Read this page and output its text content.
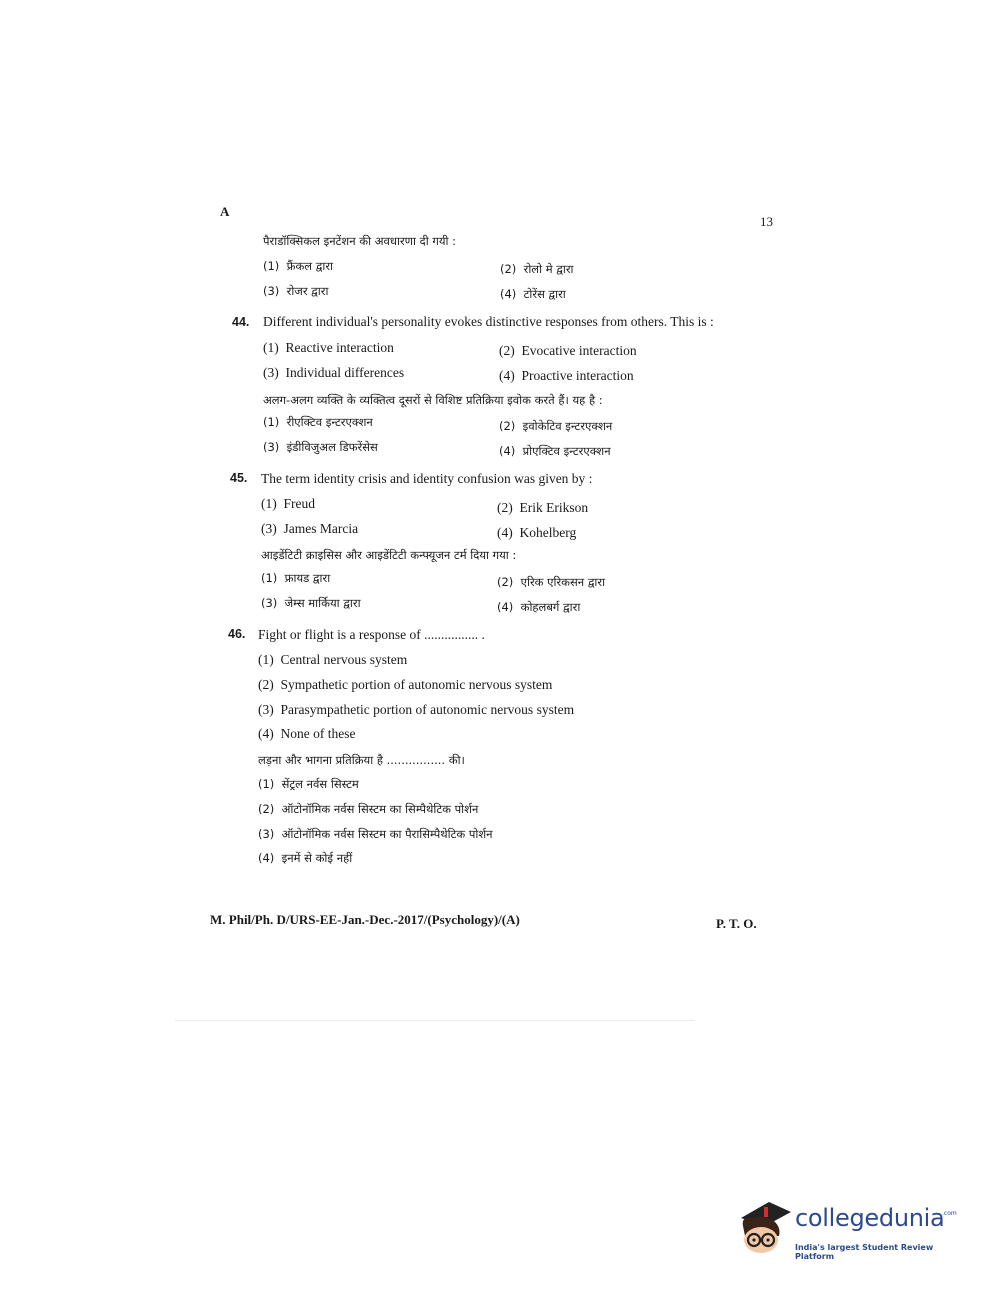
A
13
पैराडॉक्सिकल इनटेंशन की अवधारणा दी गयी :
(1) फ्रैंकल द्वारा	(2) रोलो मे द्वारा
(3) रोजर द्वारा	(4) टोरेंस द्वारा
44. Different individual's personality evokes distinctive responses from others. This is :
(1) Reactive interaction	(2) Evocative interaction
(3) Individual differences	(4) Proactive interaction
अलग-अलग व्यक्ति के व्यक्तित्व दूसरों से विशिष्ट प्रतिक्रिया इवोक करते हैं। यह है :
(1) रीएक्टिव इन्टरएक्शन	(2) इवोकेटिव इन्टरएक्शन
(3) इंडीविजुअल डिफरेंसेस	(4) प्रोएक्टिव इन्टरएक्शन
45. The term identity crisis and identity confusion was given by :
(1) Freud	(2) Erik Erikson
(3) James Marcia	(4) Kohelberg
आइडेंटिटी क्राइसिस और आइडेंटिटी कन्फ्यूजन टर्म दिया गया :
(1) फ्रायड द्वारा	(2) एरिक एरिकसन द्वारा
(3) जेम्स मार्किया द्वारा	(4) कोहलबर्ग द्वारा
46. Fight or flight is a response of ................ .
(1) Central nervous system
(2) Sympathetic portion of autonomic nervous system
(3) Parasympathetic portion of autonomic nervous system
(4) None of these
लड़ना और भागना प्रतिक्रिया है ................ की।
(1) सेंट्रल नर्वस सिस्टम
(2) ऑटोनॉमिक नर्वस सिस्टम का सिम्पैथेटिक पोर्शन
(3) ऑटोनॉमिक नर्वस सिस्टम का पैरासिम्पैथेटिक पोर्शन
(4) इनमें से कोई नहीं
M. Phil/Ph. D/URS-EE-Jan.-Dec.-2017/(Psychology)/(A)	P. T. O.
collegedunia
.com
India's largest Student Review Platform
